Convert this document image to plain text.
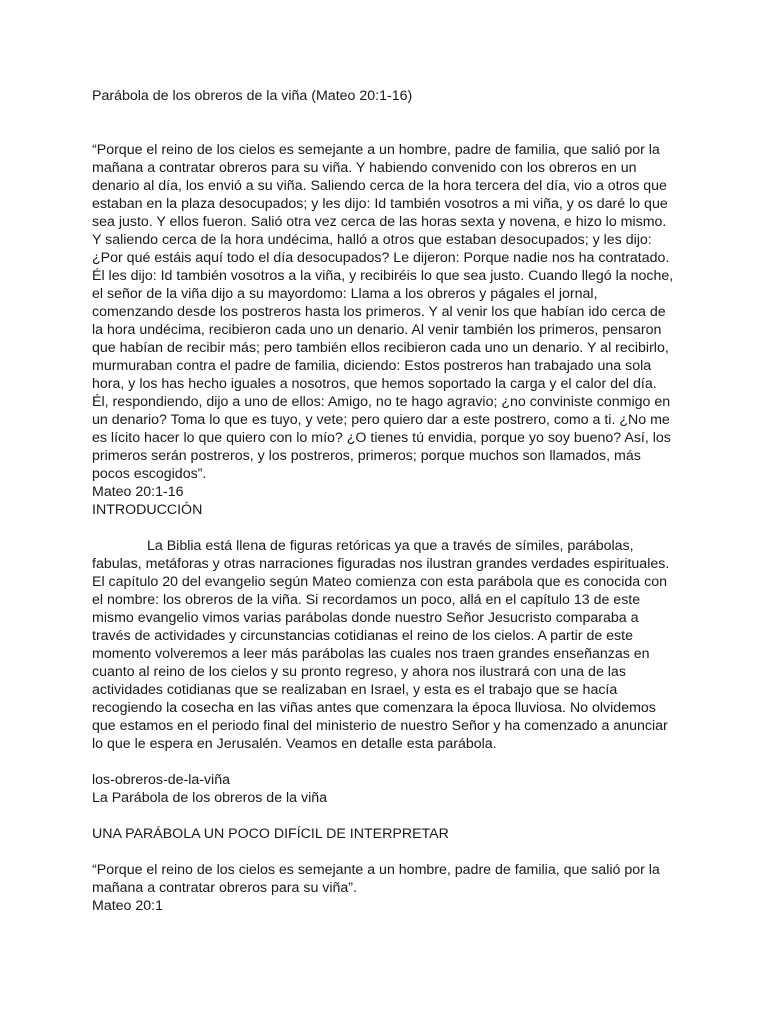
Parábola de los obreros de la viña (Mateo 20:1-16)
“Porque el reino de los cielos es semejante a un hombre, padre de familia, que salió por la
mañana a contratar obreros para su viña. Y habiendo convenido con los obreros en un
denario al día, los envió a su viña. Saliendo cerca de la hora tercera del día, vio a otros que
estaban en la plaza desocupados; y les dijo: Id también vosotros a mi viña, y os daré lo que
sea justo. Y ellos fueron. Salió otra vez cerca de las horas sexta y novena, e hizo lo mismo.
Y saliendo cerca de la hora undécima, halló a otros que estaban desocupados; y les dijo:
¿Por qué estáis aquí todo el día desocupados? Le dijeron: Porque nadie nos ha contratado.
Él les dijo: Id también vosotros a la viña, y recibiréis lo que sea justo. Cuando llegó la noche,
el señor de la viña dijo a su mayordomo: Llama a los obreros y págales el jornal,
comenzando desde los postreros hasta los primeros. Y al venir los que habían ido cerca de
la hora undécima, recibieron cada uno un denario. Al venir también los primeros, pensaron
que habían de recibir más; pero también ellos recibieron cada uno un denario. Y al recibirlo,
murmuraban contra el padre de familia, diciendo: Estos postreros han trabajado una sola
hora, y los has hecho iguales a nosotros, que hemos soportado la carga y el calor del día.
Él, respondiendo, dijo a uno de ellos: Amigo, no te hago agravio; ¿no conviniste conmigo en
un denario? Toma lo que es tuyo, y vete; pero quiero dar a este postrero, como a ti. ¿No me
es lícito hacer lo que quiero con lo mío? ¿O tienes tú envidia, porque yo soy bueno? Así, los
primeros serán postreros, y los postreros, primeros; porque muchos son llamados, más
pocos escogidos”.
Mateo 20:1-16
INTRODUCCIÓN
La Biblia está llena de figuras retóricas ya que a través de símiles, parábolas,
fabulas, metáforas y otras narraciones figuradas nos ilustran grandes verdades espirituales.
El capítulo 20 del evangelio según Mateo comienza con esta parábola que es conocida con
el nombre: los obreros de la viña. Si recordamos un poco, allá en el capítulo 13 de este
mismo evangelio vimos varias parábolas donde nuestro Señor Jesucristo comparaba a
través de actividades y circunstancias cotidianas el reino de los cielos. A partir de este
momento volveremos a leer más parábolas las cuales nos traen grandes enseñanzas en
cuanto al reino de los cielos y su pronto regreso, y ahora nos ilustrará con una de las
actividades cotidianas que se realizaban en Israel, y esta es el trabajo que se hacía
recogiendo la cosecha en las viñas antes que comenzara la época lluviosa. No olvidemos
que estamos en el periodo final del ministerio de nuestro Señor y ha comenzado a anunciar
lo que le espera en Jerusalén. Veamos en detalle esta parábola.
los-obreros-de-la-viña
La Parábola de los obreros de la viña
UNA PARÁBOLA UN POCO DIFÍCIL DE INTERPRETAR
“Porque el reino de los cielos es semejante a un hombre, padre de familia, que salió por la
mañana a contratar obreros para su viña”.
Mateo 20:1
